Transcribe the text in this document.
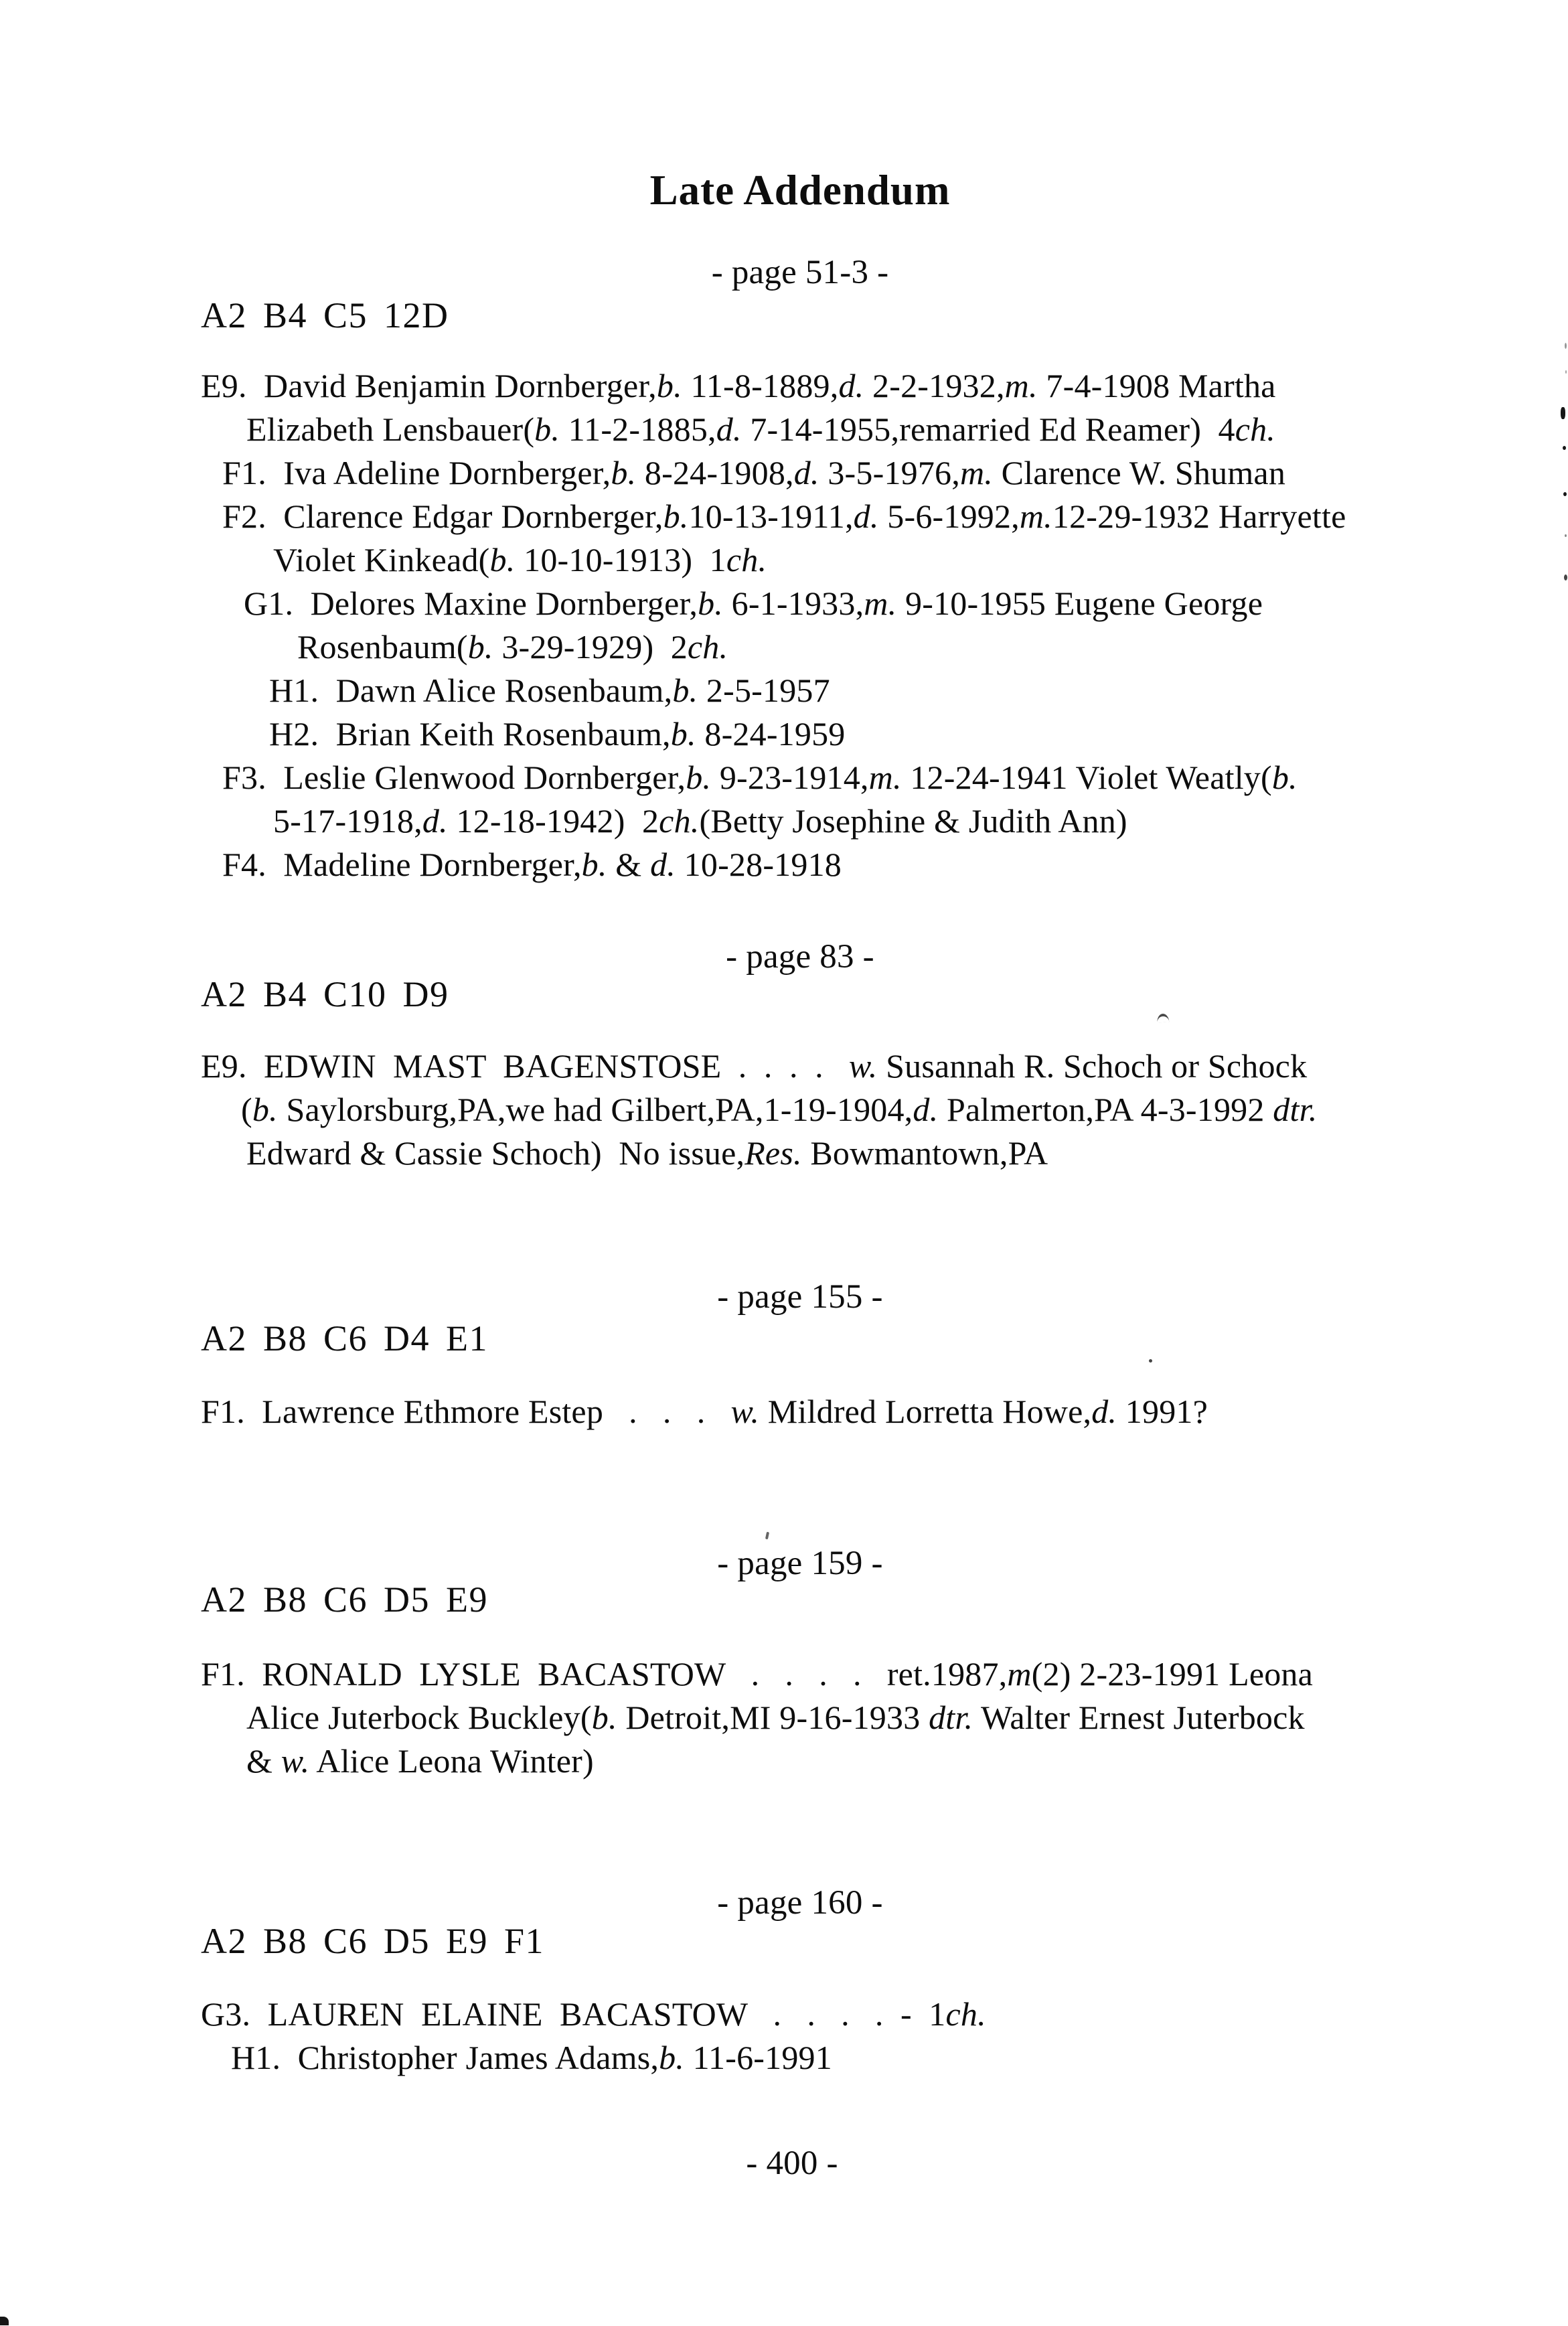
Late Addendum
- page 51-3 -
A2 B4 C5 12D
E9.  David Benjamin Dornberger,b. 11-8-1889,d. 2-2-1932,m. 7-4-1908 Martha
Elizabeth Lensbauer(b. 11-2-1885,d. 7-14-1955,remarried Ed Reamer)  4ch.
F1.  Iva Adeline Dornberger,b. 8-24-1908,d. 3-5-1976,m. Clarence W. Shuman
F2.  Clarence Edgar Dornberger,b.10-13-1911,d. 5-6-1992,m.12-29-1932 Harryette
Violet Kinkead(b. 10-10-1913)  1ch.
G1.  Delores Maxine Dornberger,b. 6-1-1933,m. 9-10-1955 Eugene George
Rosenbaum(b. 3-29-1929)  2ch.
H1.  Dawn Alice Rosenbaum,b. 2-5-1957
H2.  Brian Keith Rosenbaum,b. 8-24-1959
F3.  Leslie Glenwood Dornberger,b. 9-23-1914,m. 12-24-1941 Violet Weatly(b.
5-17-1918,d. 12-18-1942)  2ch.(Betty Josephine & Judith Ann)
F4.  Madeline Dornberger,b. & d. 10-28-1918
- page 83 -
A2 B4 C10 D9
E9.  EDWIN  MAST  BAGENSTOSE  .  .  .  .   w. Susannah R. Schoch or Schock
(b. Saylorsburg,PA,we had Gilbert,PA,1-19-1904,d. Palmerton,PA 4-3-1992 dtr.
Edward & Cassie Schoch)  No issue,Res. Bowmantown,PA
- page 155 -
A2 B8 C6 D4 E1
F1.  Lawrence Ethmore Estep   .   .   .   w. Mildred Lorretta Howe,d. 1991?
- page 159 -
A2 B8 C6 D5 E9
F1.  RONALD  LYSLE  BACASTOW   .   .   .   .   ret.1987,m(2) 2-23-1991 Leona
Alice Juterbock Buckley(b. Detroit,MI 9-16-1933 dtr. Walter Ernest Juterbock
& w. Alice Leona Winter)
- page 160 -
A2 B8 C6 D5 E9 F1
G3.  LAUREN  ELAINE  BACASTOW   .   .   .   .  -  1ch.
H1.  Christopher James Adams,b. 11-6-1991
- 400 -
